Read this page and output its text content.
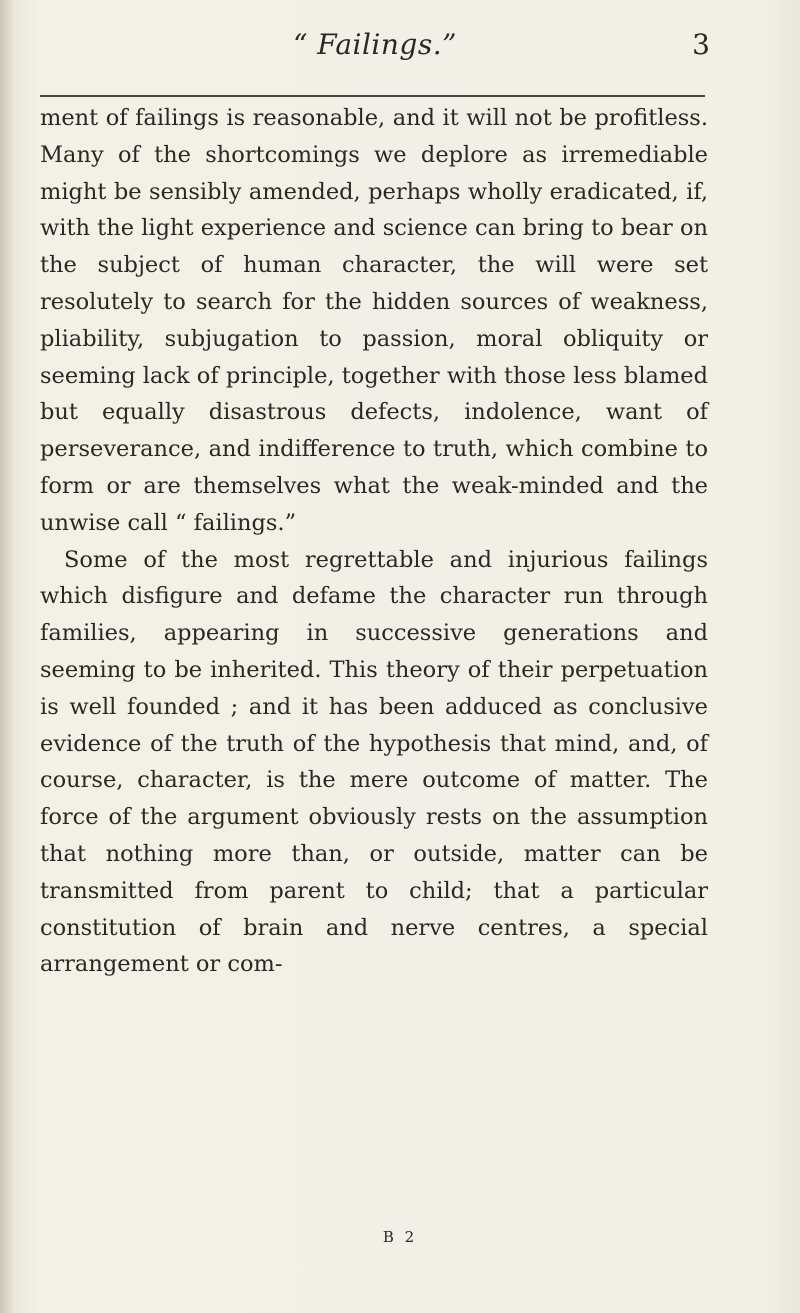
“ Failings.”	3

ment of failings is reasonable, and it will not be profitless. Many of the shortcomings we deplore as irremediable might be sensibly amended, perhaps wholly eradicated, if, with the light experience and science can bring to bear on the subject of human character, the will were set resolutely to search for the hidden sources of weakness, pliability, subjugation to passion, moral obliquity or seeming lack of principle, together with those less blamed but equally disastrous defects, indolence, want of perseverance, and indifference to truth, which combine to form or are themselves what the weak-minded and the unwise call “ failings.”

Some of the most regrettable and injurious failings which disfigure and defame the character run through families, appearing in successive generations and seeming to be inherited. This theory of their perpetuation is well founded ; and it has been adduced as conclusive evidence of the truth of the hypothesis that mind, and, of course, character, is the mere outcome of matter. The force of the argument obviously rests on the assumption that nothing more than, or outside, matter can be transmitted from parent to child; that a particular constitution of brain and nerve centres, a special arrangement or com-

B 2
